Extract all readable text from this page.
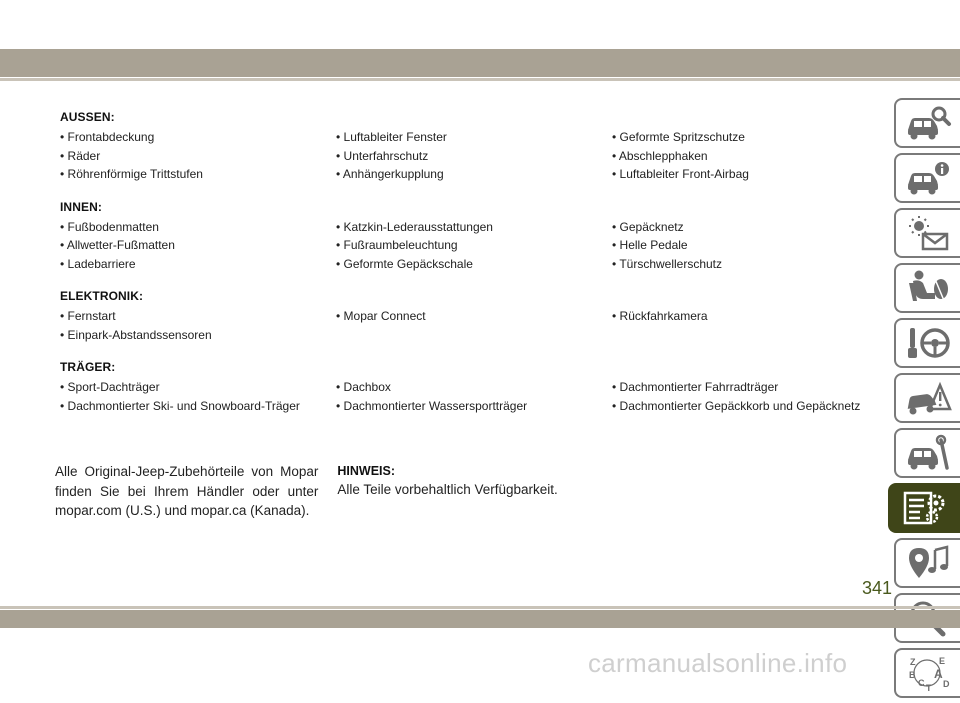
AUSSEN:
• Frontabdeckung	• Luftableiter Fenster	• Geformte Spritzschutze
• Räder	• Unterfahrschutz	• Abschlepphaken
• Röhrenförmige Trittstufen	• Anhängerkupplung	• Luftableiter Front-Airbag
INNEN:
• Fußbodenmatten	• Katzkin-Lederausstattungen	• Gepäcknetz
• Allwetter-Fußmatten	• Fußraumbeleuchtung	• Helle Pedale
• Ladebarriere	• Geformte Gepäckschale	• Türschwellerschutz
ELEKTRONIK:
• Fernstart	• Mopar Connect	• Rückfahrkamera
• Einpark-Abstandssensoren
TRÄGER:
• Sport-Dachträger	• Dachbox	• Dachmontierter Fahrradträger
• Dachmontierter Ski- und Snowboard-Träger	• Dachmontierter Wassersportträger	• Dachmontierter Gepäckkorb und Gepäcknetz
Alle Original-Jeep-Zubehörteile von Mopar finden Sie bei Ihrem Händler oder unter mopar.com (U.S.) und mopar.ca (Kanada).
HINWEIS:
Alle Teile vorbehaltlich Verfügbarkeit.
Z	E
B A
C D
T
341
carmanualsonline.info
